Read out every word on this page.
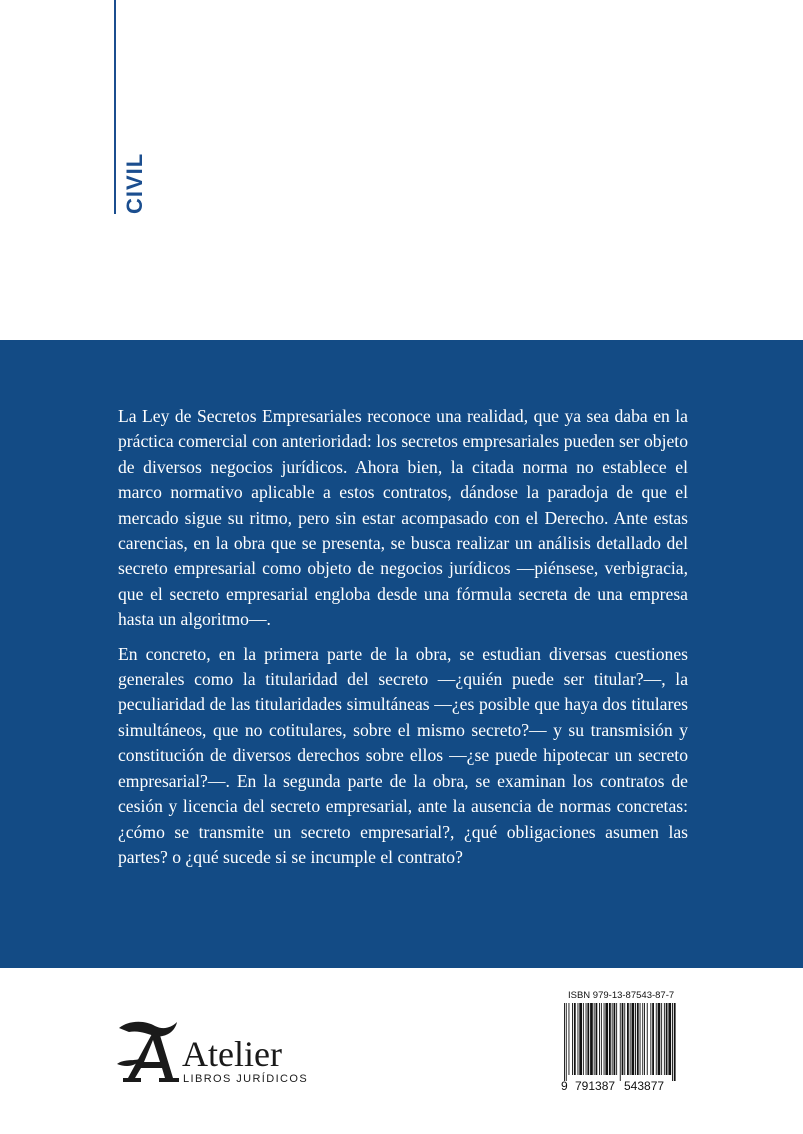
CIVIL

La Ley de Secretos Empresariales reconoce una realidad, que ya sea daba en la práctica comercial con anterioridad: los secretos empresariales pueden ser objeto de diversos negocios jurídicos. Ahora bien, la citada norma no establece el marco normativo aplicable a estos contratos, dándose la paradoja de que el mercado sigue su ritmo, pero sin estar acompasado con el Derecho. Ante estas carencias, en la obra que se presenta, se busca realizar un análisis detallado del secreto empresarial como objeto de negocios jurídicos —piénsese, verbigracia, que el secreto empresarial engloba desde una fórmula secreta de una empresa hasta un algoritmo—.

En concreto, en la primera parte de la obra, se estudian diversas cuestiones generales como la titularidad del secreto —¿quién puede ser titular?—, la peculiaridad de las titularidades simultáneas —¿es posible que haya dos titulares simultáneos, que no cotitulares, sobre el mismo secreto?— y su transmisión y constitución de diversos derechos sobre ellos —¿se puede hipotecar un secreto empresarial?—. En la segunda parte de la obra, se examinan los contratos de cesión y licencia del secreto empresarial, ante la ausencia de normas concretas: ¿cómo se transmite un secreto empresarial?, ¿qué obligaciones asumen las partes? o ¿qué sucede si se incumple el contrato?

Atelier
LIBROS JURÍDICOS
ISBN 979-13-87543-87-7
9 791387 543877
